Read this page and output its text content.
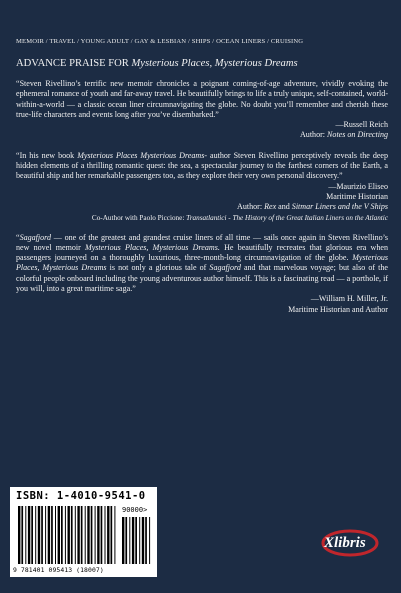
MEMOIR / TRAVEL / YOUNG ADULT / GAY & LESBIAN / SHIPS / OCEAN LINERS / CRUISING
ADVANCE PRAISE FOR Mysterious Places, Mysterious Dreams

“Steven Rivellino’s terrific new memoir chronicles a poignant coming-of-age adventure, vividly evoking the ephemeral romance of youth and far-away travel. He beautifully brings to life a truly unique, self-contained, world-within-a-world — a classic ocean liner circumnavigating the globe. No doubt you’ll remember and cherish these true-life characters and events long after you’ve disembarked.”

—Russell Reich

Author: Notes on Directing

“In his new book Mysterious Places Mysterious Dreams- author Steven Rivellino perceptively reveals the deep hidden elements of a thrilling romantic quest: the sea, a spectacular journey to the farthest corners of the Earth, a beautiful ship and her remarkable passengers too, as they explore their very own personal discovery.”

—Maurizio Eliseo

Maritime Historian

Author: Rex and Sitmar Liners and the V Ships

Co-Author with Paolo Piccione: Transatlantici - The History of the Great Italian Liners on the Atlantic

“Sagafjord — one of the greatest and grandest cruise liners of all time — sails once again in Steven Rivellino’s new novel memoir Mysterious Places, Mysterious Dreams. He beautifully recreates that glorious era when passengers journeyed on a thoroughly luxurious, three-month-long circumnavigation of the globe. Mysterious Places, Mysterious Dreams is not only a glorious tale of Sagafjord and that marvelous voyage; but also of the colorful people onboard including the young adventurous author himself. This is a fascinating read — a porthole, if you will, into a great maritime saga.”

—William H. Miller, Jr.

Maritime Historian and Author

ISBN: 1-4010-9541-0
90000>
9 781401 095413 (18007)
Xlibris
